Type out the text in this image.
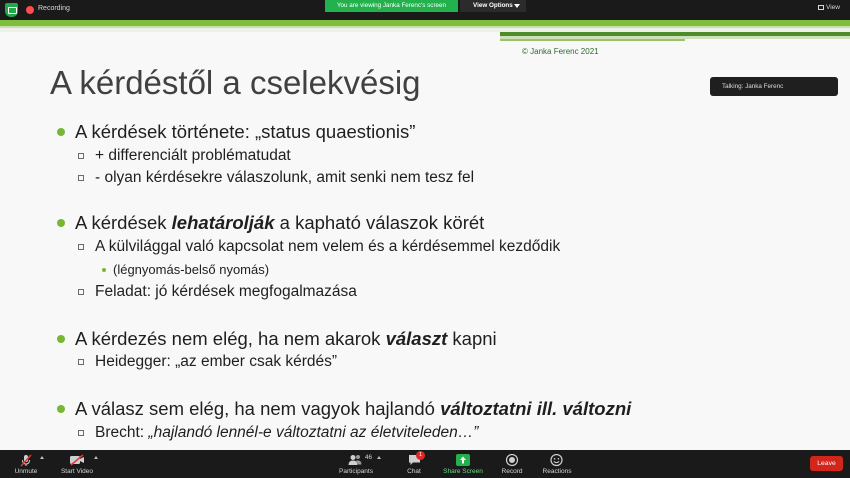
Recording	You are viewing Janka Ferenc's screen	View Options	View
© Janka Ferenc 2021
A kérdéstől a cselekvésig
A kérdések története: „status quaestionis”
+ differenciált problématudat
- olyan kérdésekre válaszolunk, amit senki nem tesz fel
A kérdések lehatárolják a kapható válaszok körét
A külvilággal való kapcsolat nem velem és a kérdésemmel kezdődik
(légnyomás-belső nyomás)
Feladat: jó kérdések megfogalmazása
A kérdezés nem elég, ha nem akarok választ kapni
Heidegger: „az ember csak kérdés”
A válasz sem elég, ha nem vagyok hajlandó változtatni ill. változni
Brecht: „hajlandó lennél-e változtatni az életviteleden…”
Talking: Janka Ferenc
Unmute	Start Video
46
Participants
1
Chat	Share Screen	Record	Reactions
Leave
